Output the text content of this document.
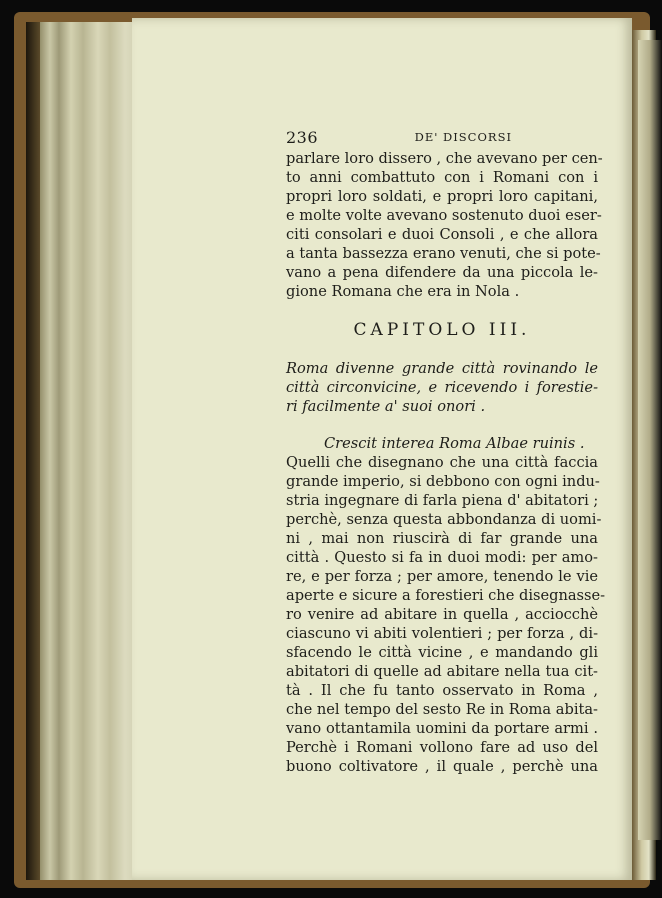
236	DE' DISCORSI
parlare loro dissero , che avevano per cen-
to anni combattuto con i Romani con i
propri loro soldati, e propri loro capitani,
e molte volte avevano sostenuto duoi eser-
citi consolari e duoi Consoli , e che allora
a tanta bassezza erano venuti, che si pote-
vano a pena difendere da una piccola le-
gione Romana che era in Nola .
CAPITOLO III.
Roma divenne grande città rovinando le
città circonvicine, e ricevendo i forestie-
ri facilmente a' suoi onori .
Crescit interea Roma Albae ruinis .
Quelli che disegnano che una città faccia
grande imperio, si debbono con ogni indu-
stria ingegnare di farla piena d' abitatori ;
perchè, senza questa abbondanza di uomi-
ni , mai non riuscirà di far grande una
città . Questo si fa in duoi modi: per amo-
re, e per forza ; per amore, tenendo le vie
aperte e sicure a forestieri che disegnasse-
ro venire ad abitare in quella , acciocchè
ciascuno vi abiti volentieri ; per forza , di-
sfacendo le città vicine , e mandando gli
abitatori di quelle ad abitare nella tua cit-
tà . Il che fu tanto osservato in Roma ,
che nel tempo del sesto Re in Roma abita-
vano ottantamila uomini da portare armi .
Perchè i Romani vollono fare ad uso del
buono coltivatore , il quale , perchè una
